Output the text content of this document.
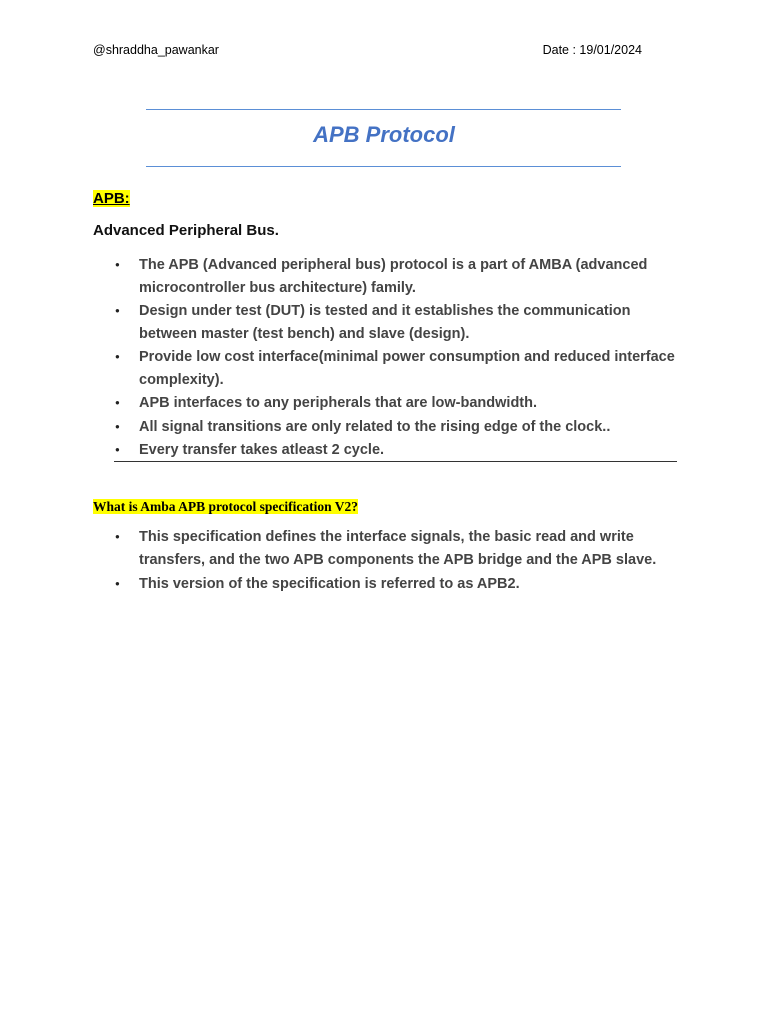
@shraddha_pawankar	Date : 19/01/2024
APB Protocol
APB:
Advanced Peripheral Bus.
● The APB (Advanced peripheral bus) protocol is a part of AMBA (advanced microcontroller bus architecture) family.
● Design under test (DUT) is tested and it establishes the communication between master (test bench) and slave (design).
● Provide low cost interface(minimal power consumption and reduced interface complexity).
● APB interfaces to any peripherals that are low-bandwidth.
● All signal transitions are only related to the rising edge of the clock..
● Every transfer takes atleast 2 cycle.
What is Amba APB protocol specification V2?
● This specification defines the interface signals, the basic read and write transfers, and the two APB components the APB bridge and the APB slave.
● This version of the specification is referred to as APB2.
